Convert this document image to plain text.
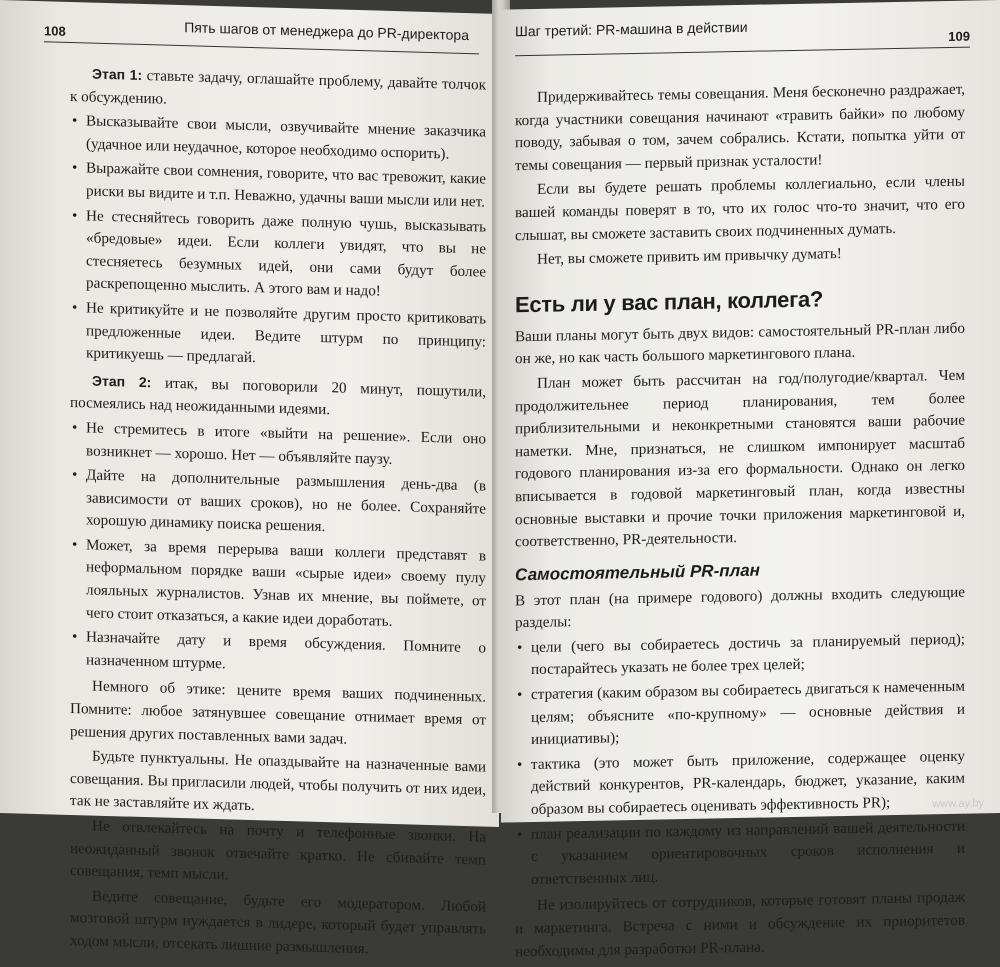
108	Пять шагов от менеджера до PR-директора

Этап 1: ставьте задачу, оглашайте проблему, давайте толчок к обсуждению.

• Высказывайте свои мысли, озвучивайте мнение заказчика (удачное или неудачное, которое необходимо оспорить).
• Выражайте свои сомнения, говорите, что вас тревожит, какие риски вы видите и т.п. Неважно, удачны ваши мысли или нет.
• Не стесняйтесь говорить даже полную чушь, высказывать «бредовые» идеи. Если коллеги увидят, что вы не стесняетесь безумных идей, они сами будут более раскрепощенно мыслить. А этого вам и надо!
• Не критикуйте и не позволяйте другим просто критиковать предложенные идеи. Ведите штурм по принципу: критикуешь — предлагай.

Этап 2: итак, вы поговорили 20 минут, пошутили, посмеялись над неожиданными идеями.

• Не стремитесь в итоге «выйти на решение». Если оно возникнет — хорошо. Нет — объявляйте паузу.
• Дайте на дополнительные размышления день-два (в зависимости от ваших сроков), но не более. Сохраняйте хорошую динамику поиска решения.
• Может, за время перерыва ваши коллеги представят в неформальном порядке ваши «сырые идеи» своему пулу лояльных журналистов. Узнав их мнение, вы поймете, от чего стоит отказаться, а какие идеи доработать.
• Назначайте дату и время обсуждения. Помните о назначенном штурме.

Немного об этике: цените время ваших подчиненных. Помните: любое затянувшее совещание отнимает время от решения других поставленных вами задач.

Будьте пунктуальны. Не опаздывайте на назначенные вами совещания. Вы пригласили людей, чтобы получить от них идеи, так не заставляйте их ждать.

Не отвлекайтесь на почту и телефонные звонки. На неожиданный звонок отвечайте кратко. Не сбивайте темп совещания, темп мысли.

Ведите совещание, будьте его модератором. Любой мозговой штурм нуждается в лидере, который будет управлять ходом мысли, отсекать лишние размышления.

Шаг третий: PR-машина в действии	109

Придерживайтесь темы совещания. Меня бесконечно раздражает, когда участники совещания начинают «травить байки» по любому поводу, забывая о том, зачем собрались. Кстати, попытка уйти от темы совещания — первый признак усталости!

Если вы будете решать проблемы коллегиально, если члены вашей команды поверят в то, что их голос что-то значит, что его слышат, вы сможете заставить своих подчиненных думать.

Нет, вы сможете привить им привычку думать!

Есть ли у вас план, коллега?

Ваши планы могут быть двух видов: самостоятельный PR-план либо он же, но как часть большого маркетингового плана.

План может быть рассчитан на год/полугодие/квартал. Чем продолжительнее период планирования, тем более приблизительными и неконкретными становятся ваши рабочие наметки. Мне, признаться, не слишком импонирует масштаб годового планирования из-за его формальности. Однако он легко вписывается в годовой маркетинговый план, когда известны основные выставки и прочие точки приложения маркетинговой и, соответственно, PR-деятельности.

Самостоятельный PR-план

В этот план (на примере годового) должны входить следующие разделы:

• цели (чего вы собираетесь достичь за планируемый период); постарайтесь указать не более трех целей;
• стратегия (каким образом вы собираетесь двигаться к намеченным целям; объясните «по-крупному» — основные действия и инициативы);
• тактика (это может быть приложение, содержащее оценку действий конкурентов, PR-календарь, бюджет, указание, каким образом вы собираетесь оценивать эффективность PR);
• план реализации по каждому из направлений вашей деятельности с указанием ориентировочных сроков исполнения и ответственных лиц.

Не изолируйтесь от сотрудников, которые готовят планы продаж и маркетинга. Встреча с ними и обсуждение их приоритетов необходимы для разработки PR-плана.

www.ay.by
